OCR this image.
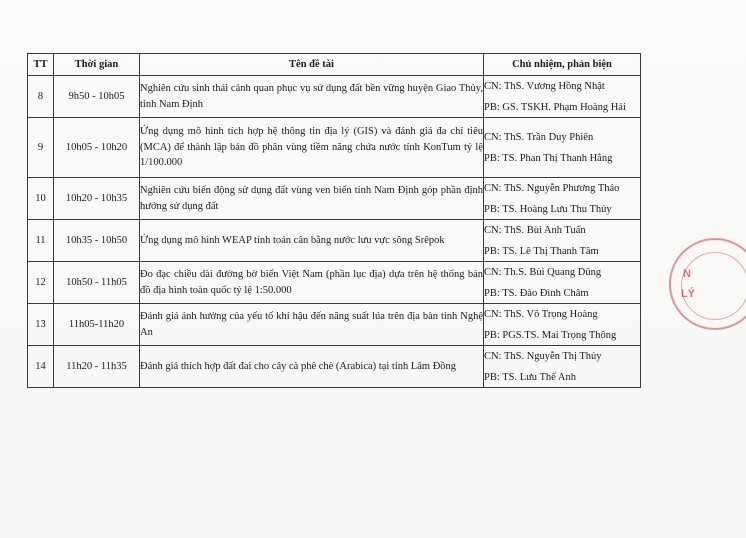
TT	Thời gian	Tên đề tài	Chủ nhiệm, phản biện
8	9h50 - 10h05	Nghiên cứu sinh thái cảnh quan phục vụ sử dụng đất bền vững huyện Giao Thủy, tỉnh Nam Định	CN: ThS. Vương Hồng Nhật
PB: GS. TSKH. Phạm Hoàng Hải

9	10h05 - 10h20	Ứng dụng mô hình tích hợp hệ thông tin địa lý (GIS) và đánh giá đa chỉ tiêu (MCA) để thành lập bản đồ phân vùng tiềm năng chứa nước tỉnh KonTum tỷ lệ 1/100.000	CN: ThS. Trần Duy Phiên
PB: TS. Phan Thị Thanh Hằng

10	10h20 - 10h35	Nghiên cứu biến động sử dụng đất vùng ven biển tỉnh Nam Định góp phần định hướng sử dụng đất	CN: ThS. Nguyễn Phương Thảo
PB: TS. Hoàng Lưu Thu Thủy

11	10h35 - 10h50	Ứng dụng mô hình WEAP tính toán cân bằng nước lưu vực sông Srêpok	CN: ThS. Bùi Anh Tuấn
PB: TS. Lê Thị Thanh Tâm

12	10h50 - 11h05	Đo đạc chiều dài đường bờ biển Việt Nam (phần lục địa) dựa trên hệ thống bản đồ địa hình toàn quốc tỷ lệ 1:50.000	CN: Th.S. Bùi Quang Dũng
PB: TS. Đào Đình Châm

13	11h05-11h20	Đánh giá ảnh hưởng của yếu tố khí hậu đến năng suất lúa trên địa bàn tỉnh Nghệ An	CN: ThS. Võ Trọng Hoàng
PB: PGS.TS. Mai Trọng Thông

14	11h20 - 11h35	Đánh giá thích hợp đất đai cho cây cà phê chè (Arabica) tại tỉnh Lâm Đồng	CN: ThS. Nguyễn Thị Thủy
PB: TS. Lưu Thế Anh
N
LÝ
